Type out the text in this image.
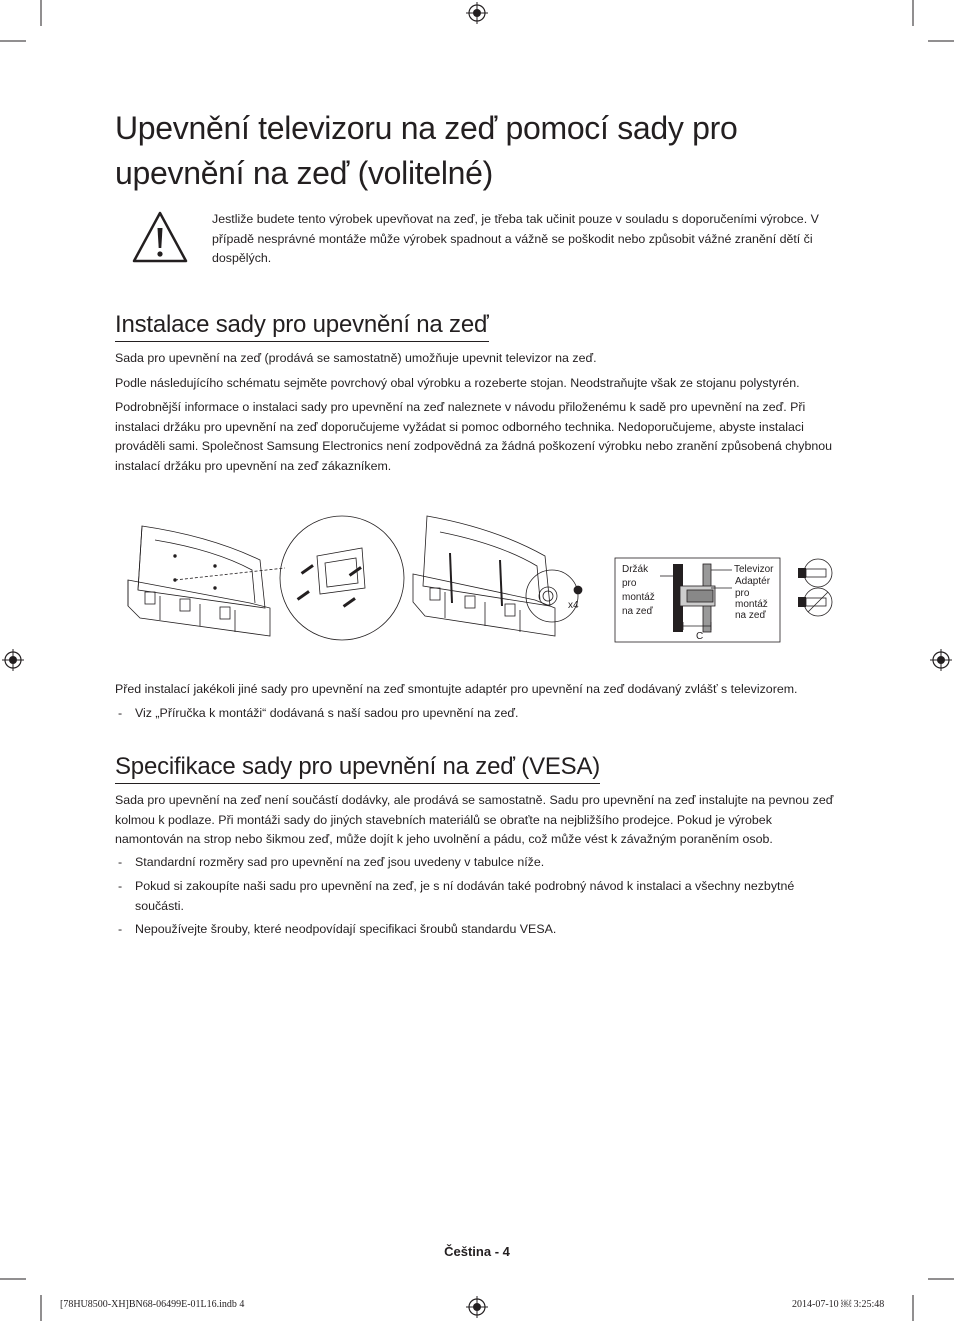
Upevnění televizoru na zeď pomocí sady pro
upevnění na zeď (volitelné)
Jestliže budete tento výrobek upevňovat na zeď, je třeba tak učinit pouze v souladu s doporučeními výrobce. V případě nesprávné montáže může výrobek spadnout a vážně se poškodit nebo způsobit vážné zranění dětí či dospělých.
Instalace sady pro upevnění na zeď

Sada pro upevnění na zeď (prodává se samostatně) umožňuje upevnit televizor na zeď.

Podle následujícího schématu sejměte povrchový obal výrobku a rozeberte stojan. Neodstraňujte však ze stojanu polystyrén.

Podrobnější informace o instalaci sady pro upevnění na zeď naleznete v návodu přiloženému k sadě pro upevnění na zeď. Při instalaci držáku pro upevnění na zeď doporučujeme vyžádat si pomoc odborného technika. Nedoporučujeme, abyste instalaci prováděli sami. Společnost Samsung Electronics není zodpovědná za žádná poškození výrobku nebo zranění způsobená chybnou instalací držáku pro upevnění na zeď zákazníkem.

x4
Držák pro montáž na zeď
Televizor
Adaptér pro montáž na zeď
C

Před instalací jakékoli jiné sady pro upevnění na zeď smontujte adaptér pro upevnění na zeď dodávaný zvlášť s televizorem.

- Viz „Příručka k montáži“ dodávaná s naší sadou pro upevnění na zeď.
Specifikace sady pro upevnění na zeď (VESA)

Sada pro upevnění na zeď není součástí dodávky, ale prodává se samostatně. Sadu pro upevnění na zeď instalujte na pevnou zeď kolmou k podlaze. Při montáži sady do jiných stavebních materiálů se obraťte na nejbližšího prodejce. Pokud je výrobek namontován na strop nebo šikmou zeď, může dojít k jeho uvolnění a pádu, což může vést k závažným poraněním osob.

- Standardní rozměry sad pro upevnění na zeď jsou uvedeny v tabulce níže.
- Pokud si zakoupíte naši sadu pro upevnění na zeď, je s ní dodáván také podrobný návod k instalaci a všechny nezbytné součásti.
- Nepoužívejte šrouby, které neodpovídají specifikaci šroubů standardu VESA.
Čeština - 4
[78HU8500-XH]BN68-06499E-01L16.indb 4	2014-07-10 ￼ 3:25:48
